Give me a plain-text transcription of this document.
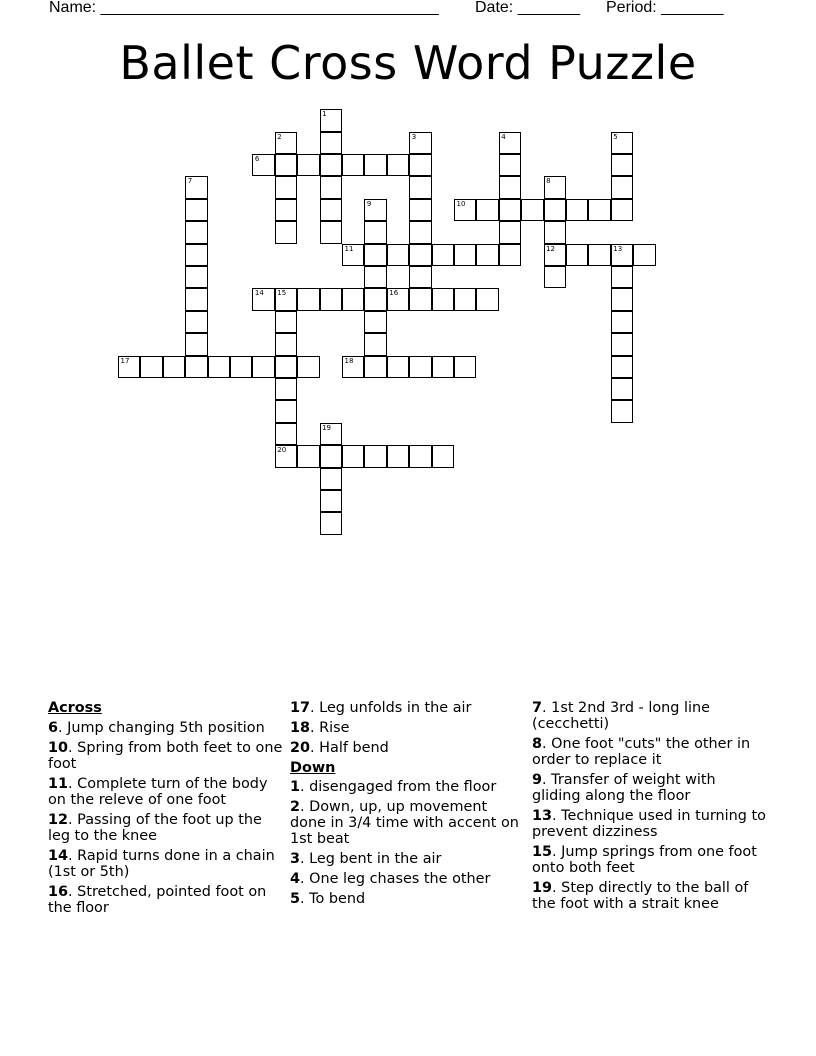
Name: ______________________________________ Date: _______ Period: _______
Ballet Cross Word Puzzle
1
2	3	4	5
6
7	8
12
9	10
11	13
14 15	16
17	18
19
20
Across
6. Jump changing 5th position
10. Spring from both feet to one foot
11. Complete turn of the body on the releve of one foot
12. Passing of the foot up the leg to the knee
14. Rapid turns done in a chain (1st or 5th)
16. Stretched, pointed foot on the floor
17. Leg unfolds in the air
18. Rise
20. Half bend
Down
1. disengaged from the floor
2. Down, up, up movement done in 3/4 time with accent on 1st beat
3. Leg bent in the air
4. One leg chases the other
5. To bend
7. 1st 2nd 3rd - long line (cecchetti)
8. One foot "cuts" the other in order to replace it
9. Transfer of weight with gliding along the floor
13. Technique used in turning to prevent dizziness
15. Jump springs from one foot onto both feet
19. Step directly to the ball of the foot with a strait knee
